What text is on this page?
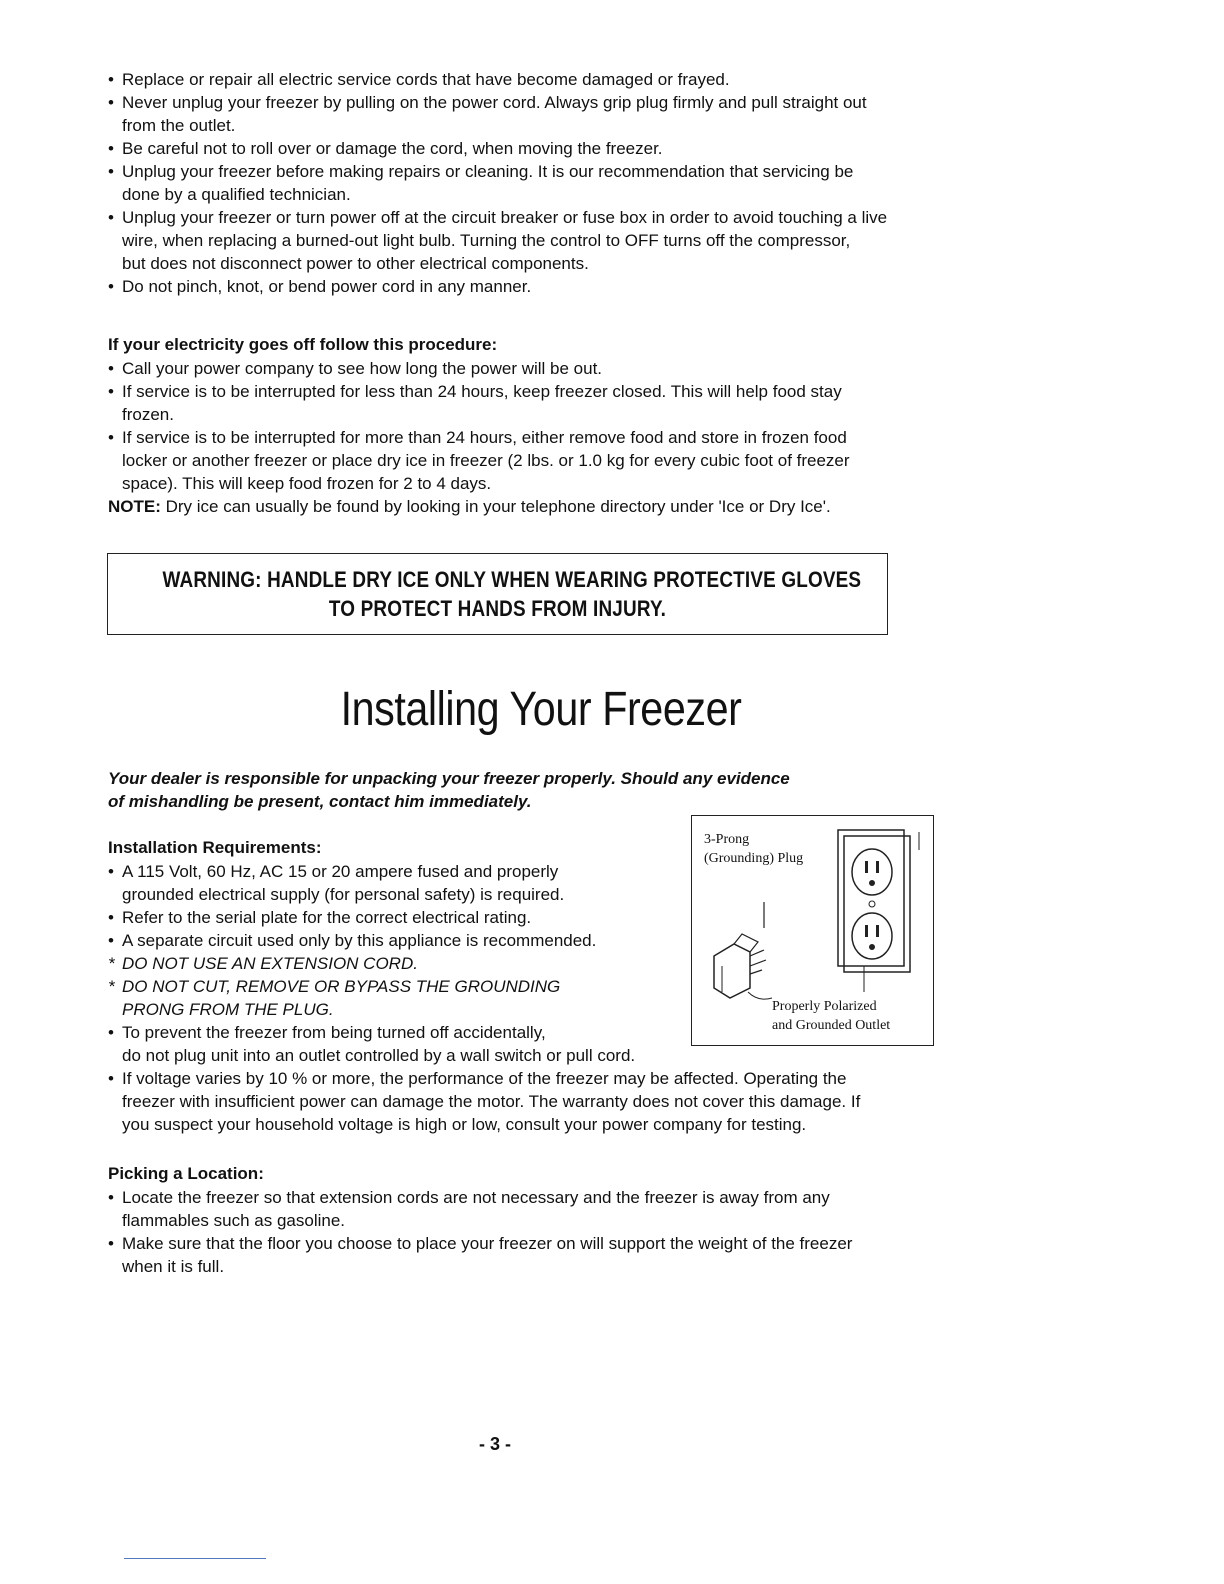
• Replace or repair all electric service cords that have become damaged or frayed.
• Never unplug your freezer by pulling on the power cord. Always grip plug firmly and pull straight out
from the outlet.
• Be careful not to roll over or damage the cord, when moving the freezer.
• Unplug your freezer before making repairs or cleaning. It is our recommendation that servicing be
done by a qualified technician.
• Unplug your freezer or turn power off at the circuit breaker or fuse box in order to avoid touching a live
wire, when replacing a burned-out light bulb. Turning the control to OFF turns off the compressor,
but does not disconnect power to other electrical components.
• Do not pinch, knot, or bend power cord in any manner.
If your electricity goes off follow this procedure:
• Call your power company to see how long the power will be out.
• If service is to be interrupted for less than 24 hours, keep freezer closed. This will help food stay
frozen.
• If service is to be interrupted for more than 24 hours, either remove food and store in frozen food
locker or another freezer or place dry ice in freezer (2 lbs. or 1.0 kg for every cubic foot of freezer
space). This will keep food frozen for 2 to 4 days.
NOTE: Dry ice can usually be found by looking in your telephone directory under 'Ice or Dry Ice'.
WARNING: HANDLE DRY ICE ONLY WHEN WEARING PROTECTIVE GLOVES
TO PROTECT HANDS FROM INJURY.
Installing Your Freezer
Your dealer is responsible for unpacking your freezer properly. Should any evidence
of mishandling be present, contact him immediately.
Installation Requirements:
• A 115 Volt, 60 Hz, AC 15 or 20 ampere fused and properly
grounded electrical supply (for personal safety) is required.
• Refer to the serial plate for the correct electrical rating.
• A separate circuit used only by this appliance is recommended.
* DO NOT USE AN EXTENSION CORD.
* DO NOT CUT, REMOVE OR BYPASS THE GROUNDING
PRONG FROM THE PLUG.
• To prevent the freezer from being turned off accidentally,
do not plug unit into an outlet controlled by a wall switch or pull cord.
• If voltage varies by 10 % or more, the performance of the freezer may be affected. Operating the
freezer with insufficient power can damage the motor. The warranty does not cover this damage. If
you suspect your household voltage is high or low, consult your power company for testing.
3-Prong
(Grounding) Plug
Properly Polarized
and Grounded Outlet
Picking a Location:
• Locate the freezer so that extension cords are not necessary and the freezer is away from any
flammables such as gasoline.
• Make sure that the floor you choose to place your freezer on will support the weight of the freezer
when it is full.
- 3 -
